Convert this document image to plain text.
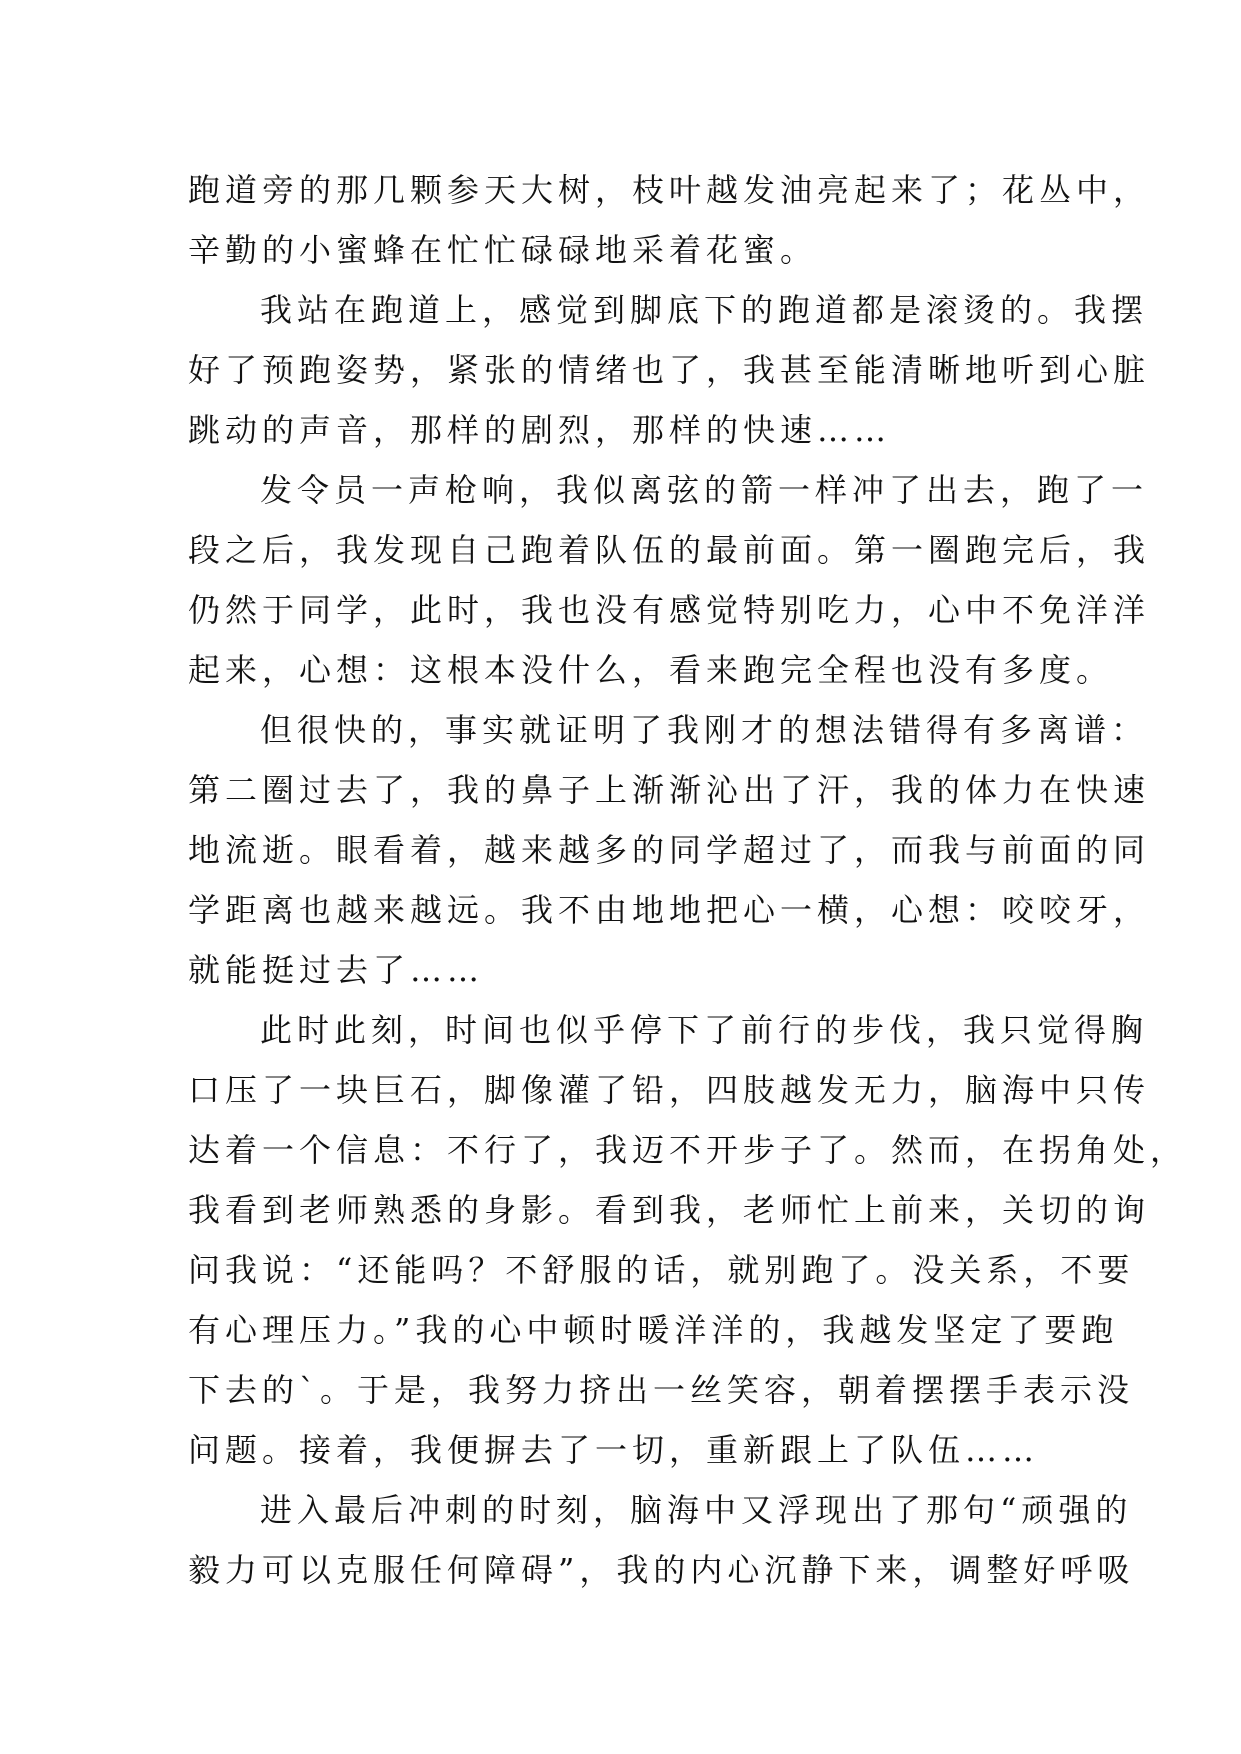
跑道旁的那几颗参天大树，枝叶越发油亮起来了；花丛中，
辛勤的小蜜蜂在忙忙碌碌地采着花蜜。
我站在跑道上，感觉到脚底下的跑道都是滚烫的。我摆
好了预跑姿势，紧张的情绪也了，我甚至能清晰地听到心脏
跳动的声音，那样的剧烈，那样的快速……
发令员一声枪响，我似离弦的箭一样冲了出去，跑了一
段之后，我发现自己跑着队伍的最前面。第一圈跑完后，我
仍然于同学，此时，我也没有感觉特别吃力，心中不免洋洋
起来，心想：这根本没什么，看来跑完全程也没有多度。
但很快的，事实就证明了我刚才的想法错得有多离谱：
第二圈过去了，我的鼻子上渐渐沁出了汗，我的体力在快速
地流逝。眼看着，越来越多的同学超过了，而我与前面的同
学距离也越来越远。我不由地地把心一横，心想：咬咬牙，
就能挺过去了……
此时此刻，时间也似乎停下了前行的步伐，我只觉得胸
口压了一块巨石，脚像灌了铅，四肢越发无力，脑海中只传
达着一个信息：不行了，我迈不开步子了。然而，在拐角处，
我看到老师熟悉的身影。看到我，老师忙上前来，关切的询
问我说：“还能吗？不舒服的话，就别跑了。没关系，不要
有心理压力。”我的心中顿时暖洋洋的，我越发坚定了要跑
下去的`。于是，我努力挤出一丝笑容，朝着摆摆手表示没
问题。接着，我便摒去了一切，重新跟上了队伍……
进入最后冲刺的时刻，脑海中又浮现出了那句“顽强的
毅力可以克服任何障碍”，我的内心沉静下来，调整好呼吸
